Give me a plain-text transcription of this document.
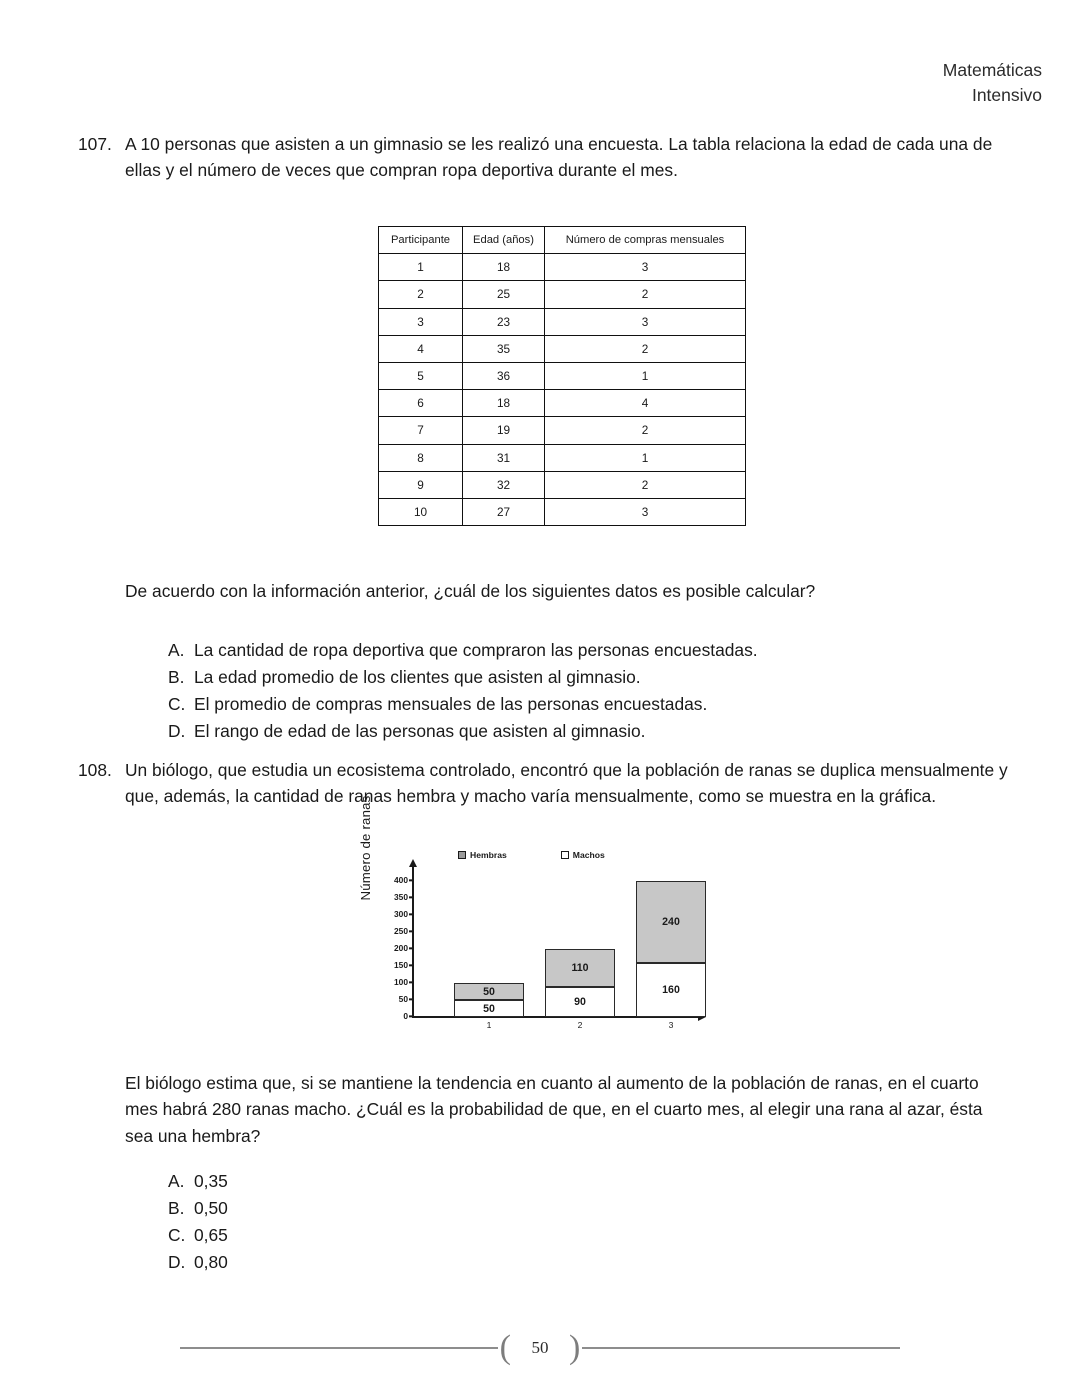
Matemáticas
Intensivo
107. A 10 personas que asisten a un gimnasio se les realizó una encuesta. La tabla relaciona la edad de cada una de ellas y el número de veces que compran ropa deportiva durante el mes.
Participante	Edad (años)	Número de compras mensuales
1	18	3
2	25	2
3	23	3
4	35	2
5	36	1
6	18	4
7	19	2
8	31	1
9	32	2
10	27	3
De acuerdo con la información anterior, ¿cuál de los siguientes datos es posible calcular?
A. La cantidad de ropa deportiva que compraron las personas encuestadas.
B. La edad promedio de los clientes que asisten al gimnasio.
C. El promedio de compras mensuales de las personas encuestadas.
D. El rango de edad de las personas que asisten al gimnasio.
108. Un biólogo, que estudia un ecosistema controlado, encontró que la población de ranas se duplica mensualmente y que, además, la cantidad de ranas hembra y macho varía mensualmente, como se muestra en la gráfica.
Hembras	Machos
Número de ranas
0
50
100
150
200
250
300
350
400
50
50
90
110
160
240
1	2	3
El biólogo estima que, si se mantiene la tendencia en cuanto al aumento de la población de ranas, en el cuarto mes habrá 280 ranas macho. ¿Cuál es la probabilidad de que, en el cuarto mes, al elegir una rana al azar, ésta sea una hembra?
A. 0,35
B. 0,50
C. 0,65
D. 0,80
(	50 )
